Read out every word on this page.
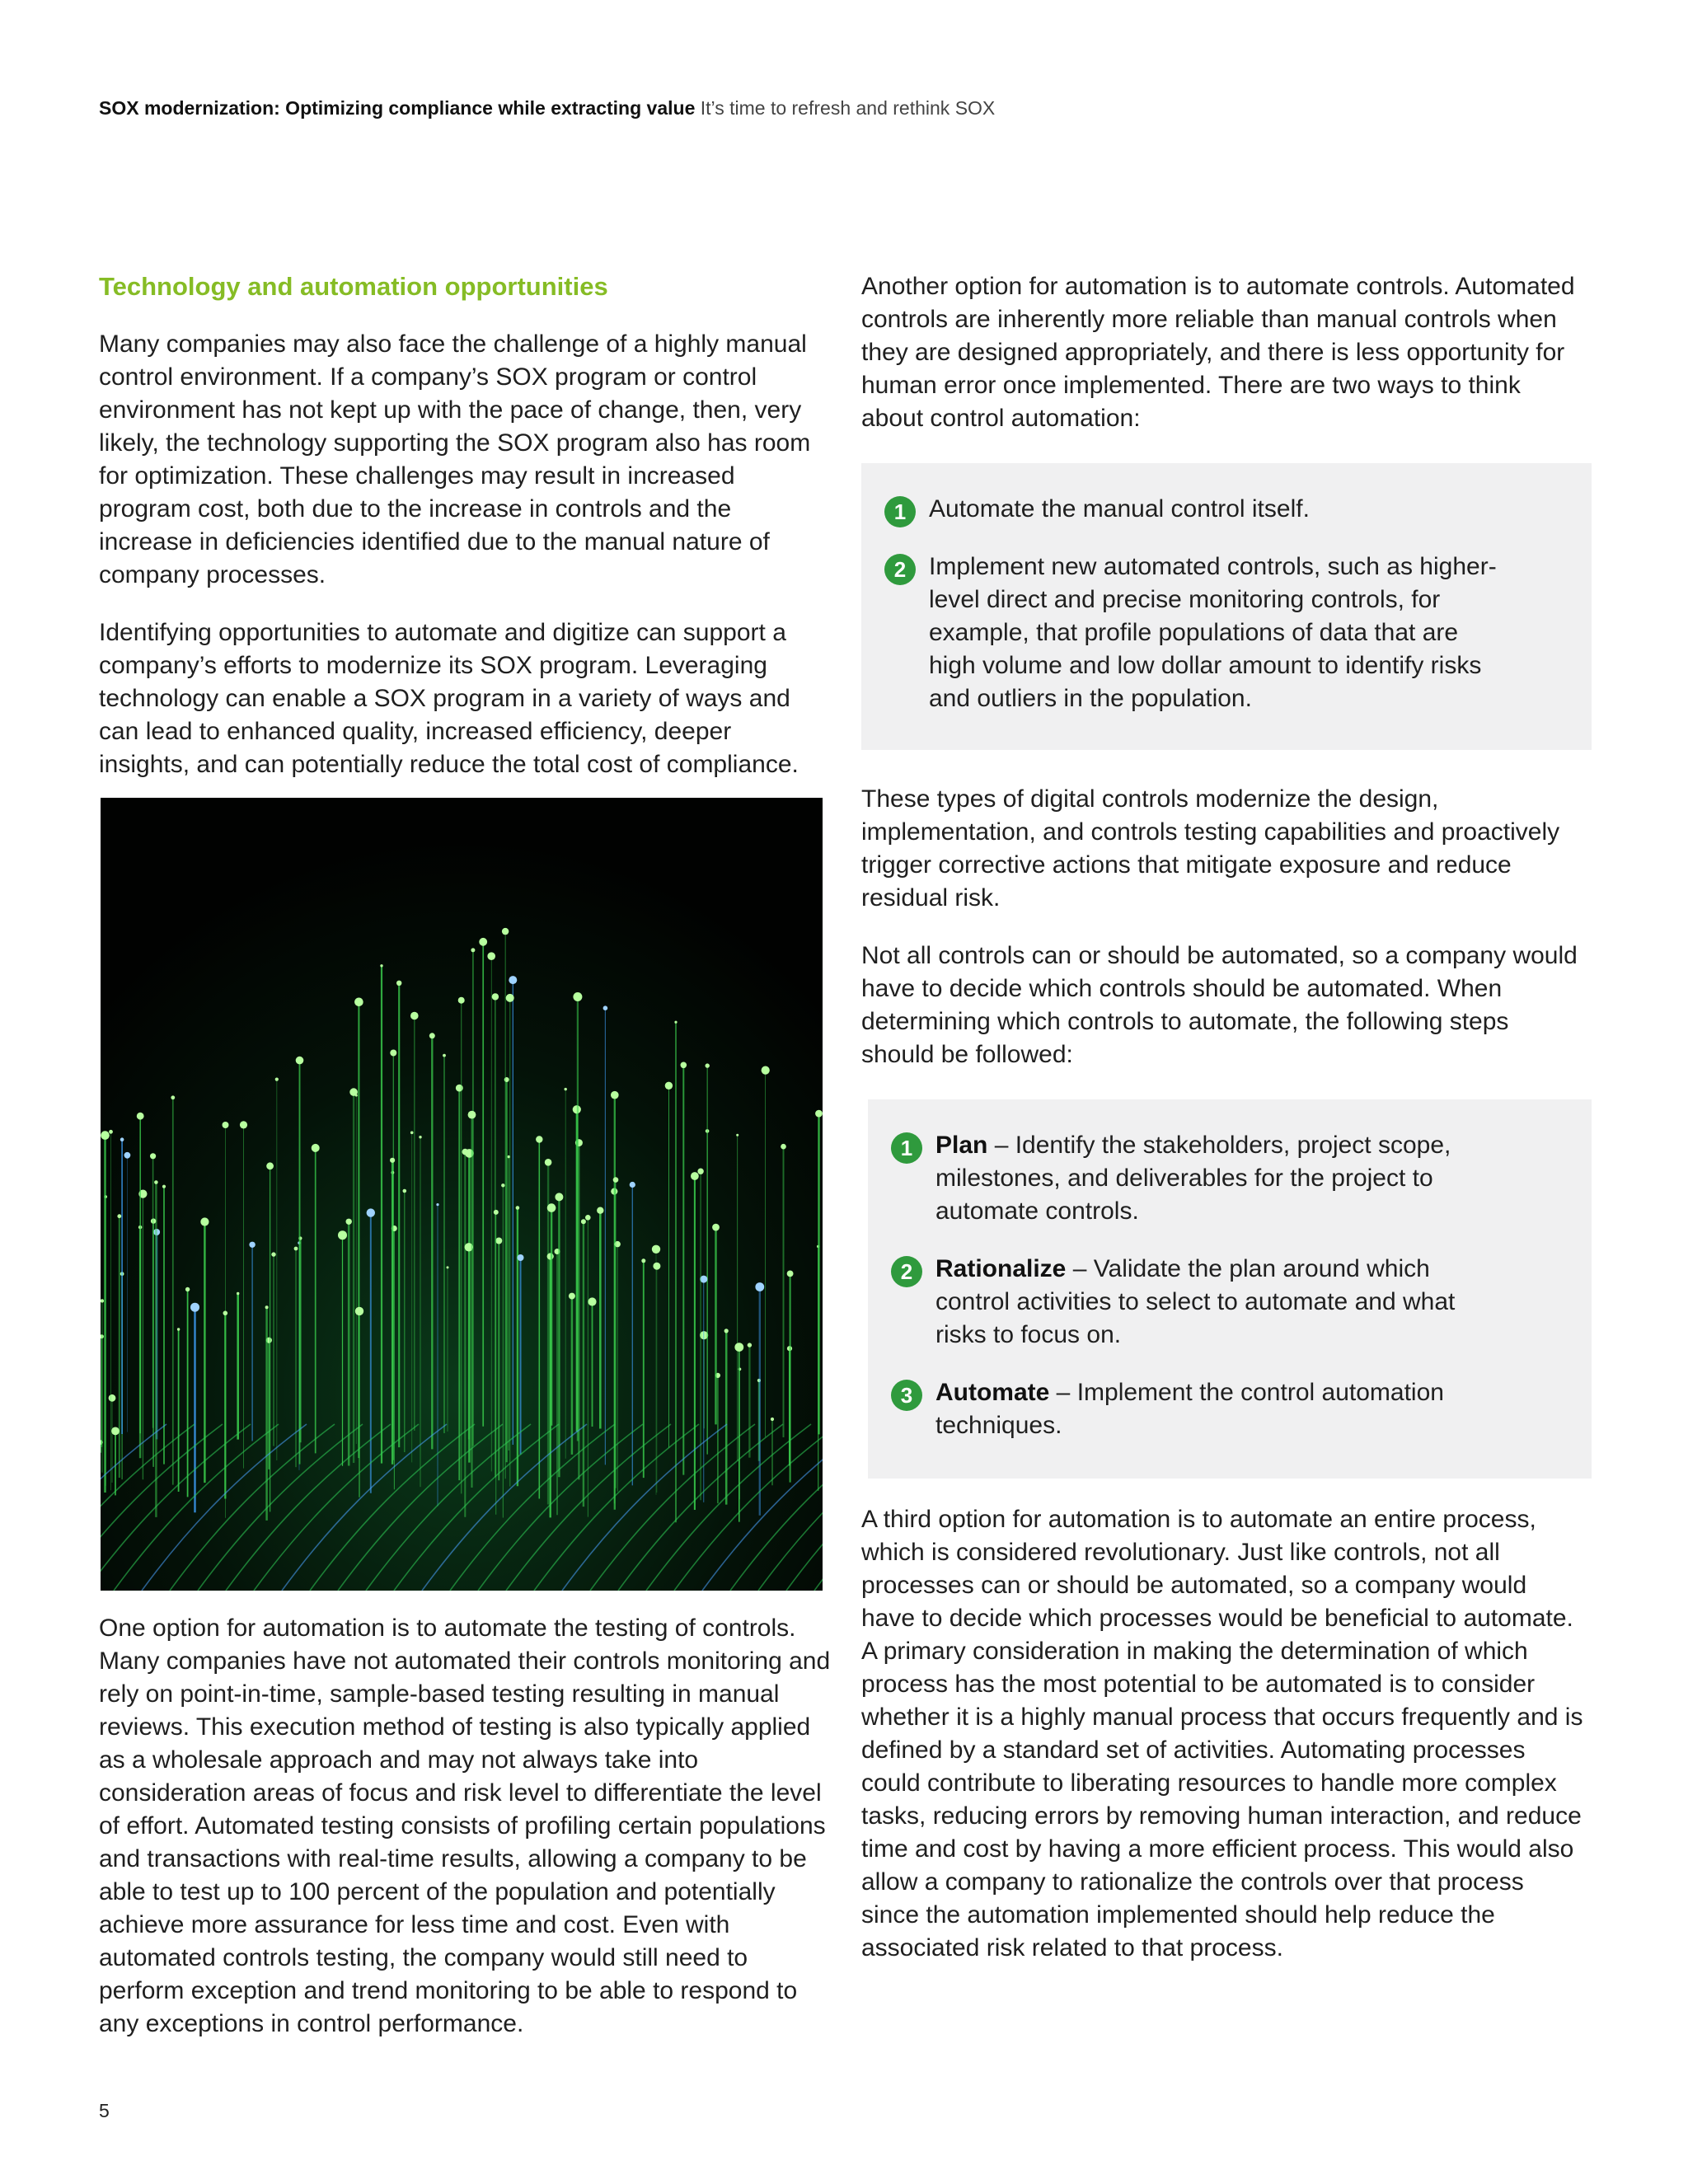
SOX modernization: Optimizing compliance while extracting value It’s time to refresh and rethink SOX

Technology and automation opportunities

Many companies may also face the challenge of a highly manual control environment. If a company’s SOX program or control environment has not kept up with the pace of change, then, very likely, the technology supporting the SOX program also has room for optimization. These challenges may result in increased program cost, both due to the increase in controls and the increase in deficiencies identified due to the manual nature of company processes.

Identifying opportunities to automate and digitize can support a company’s efforts to modernize its SOX program. Leveraging technology can enable a SOX program in a variety of ways and can lead to enhanced quality, increased efficiency, deeper insights, and can potentially reduce the total cost of compliance.

One option for automation is to automate the testing of controls. Many companies have not automated their controls monitoring and rely on point-in-time, sample-based testing resulting in manual reviews. This execution method of testing is also typically applied as a wholesale approach and may not always take into consideration areas of focus and risk level to differentiate the level of effort. Automated testing consists of profiling certain populations and transactions with real-time results, allowing a company to be able to test up to 100 percent of the population and potentially achieve more assurance for less time and cost. Even with automated controls testing, the company would still need to perform exception and trend monitoring to be able to respond to any exceptions in control performance.

Another option for automation is to automate controls. Automated controls are inherently more reliable than manual controls when they are designed appropriately, and there is less opportunity for human error once implemented. There are two ways to think about control automation:

1 Automate the manual control itself.
2 Implement new automated controls, such as higher-level direct and precise monitoring controls, for example, that profile populations of data that are high volume and low dollar amount to identify risks and outliers in the population.

These types of digital controls modernize the design, implementation, and controls testing capabilities and proactively trigger corrective actions that mitigate exposure and reduce residual risk.

Not all controls can or should be automated, so a company would have to decide which controls should be automated. When determining which controls to automate, the following steps should be followed:

1 Plan – Identify the stakeholders, project scope, milestones, and deliverables for the project to automate controls.
2 Rationalize – Validate the plan around which control activities to select to automate and what risks to focus on.
3 Automate – Implement the control automation techniques.

A third option for automation is to automate an entire process, which is considered revolutionary. Just like controls, not all processes can or should be automated, so a company would have to decide which processes would be beneficial to automate. A primary consideration in making the determination of which process has the most potential to be automated is to consider whether it is a highly manual process that occurs frequently and is defined by a standard set of activities. Automating processes could contribute to liberating resources to handle more complex tasks, reducing errors by removing human interaction, and reduce time and cost by having a more efficient process. This would also allow a company to rationalize the controls over that process since the automation implemented should help reduce the associated risk related to that process.

5
